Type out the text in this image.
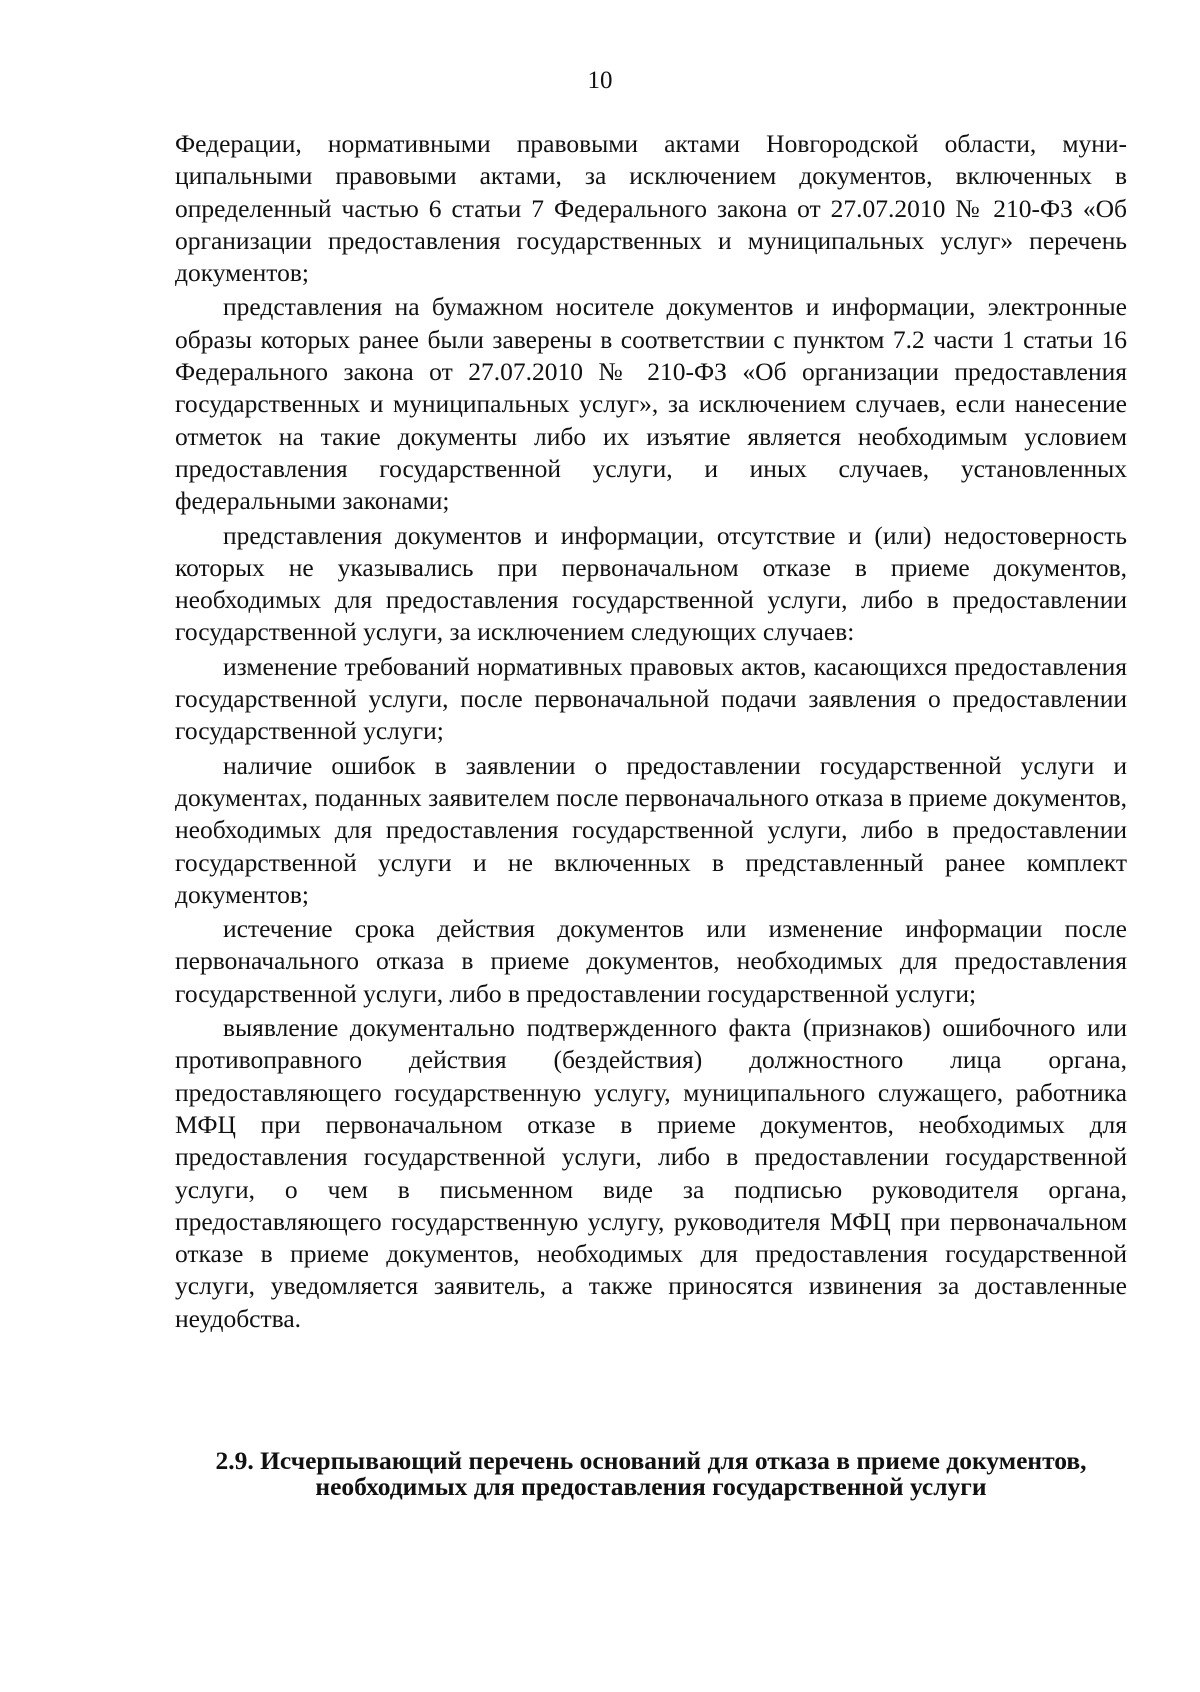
10

Федерации, нормативными правовыми актами Новгородской области, муниципальными правовыми актами, за исключением документов, включенных в определенный частью 6 статьи 7 Федерального закона от 27.07.2010 № 210-ФЗ «Об организации предоставления государственных и муниципальных услуг» перечень документов;

представления на бумажном носителе документов и информации, электронные образы которых ранее были заверены в соответствии с пунктом 7.2 части 1 статьи 16 Федерального закона от 27.07.2010 № 210-ФЗ «Об организации предоставления государственных и муниципальных услуг», за исключением случаев, если нанесение отметок на такие документы либо их изъятие является необходимым условием предоставления государственной услуги, и иных случаев, установленных федеральными законами;

представления документов и информации, отсутствие и (или) недостоверность которых не указывались при первоначальном отказе в приеме документов, необходимых для предоставления государственной услуги, либо в предоставлении государственной услуги, за исключением следующих случаев:

изменение требований нормативных правовых актов, касающихся предоставления государственной услуги, после первоначальной подачи заявления о предоставлении государственной услуги;

наличие ошибок в заявлении о предоставлении государственной услуги и документах, поданных заявителем после первоначального отказа в приеме документов, необходимых для предоставления государственной услуги, либо в предоставлении государственной услуги и не включенных в представленный ранее комплект документов;

истечение срока действия документов или изменение информации после первоначального отказа в приеме документов, необходимых для предоставления государственной услуги, либо в предоставлении государственной услуги;

выявление документально подтвержденного факта (признаков) ошибочного или противоправного действия (бездействия) должностного лица органа, предоставляющего государственную услугу, муниципального служащего, работника МФЦ при первоначальном отказе в приеме документов, необходимых для предоставления государственной услуги, либо в предоставлении государственной услуги, о чем в письменном виде за подписью руководителя органа, предоставляющего государственную услугу, руководителя МФЦ при первоначальном отказе в приеме документов, необходимых для предоставления государственной услуги, уведомляется заявитель, а также приносятся извинения за доставленные неудобства.

2.9. Исчерпывающий перечень оснований для отказа в приеме документов, необходимых для предоставления государственной услуги
